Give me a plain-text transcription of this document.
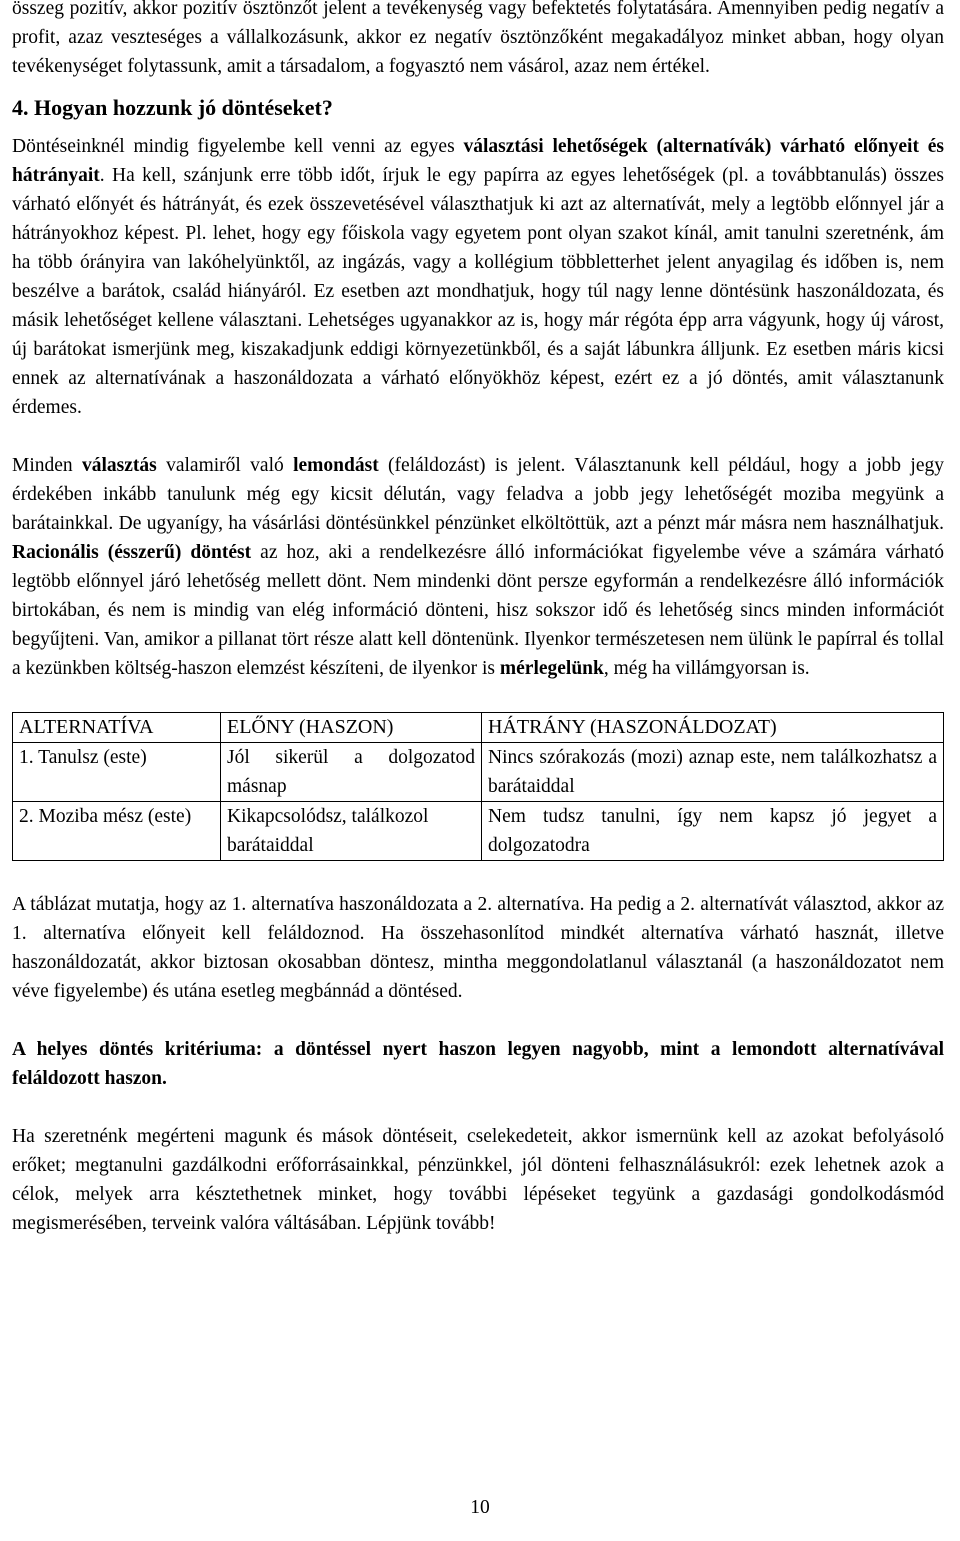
összeg pozitív, akkor pozitív ösztönzőt jelent a tevékenység vagy befektetés folytatására. Amennyiben pedig negatív a profit, azaz veszteséges a vállalkozásunk, akkor ez negatív ösztönzőként megakadályoz minket abban, hogy olyan tevékenységet folytassunk, amit a társadalom, a fogyasztó nem vásárol, azaz nem értékel.

4. Hogyan hozzunk jó döntéseket?

Döntéseinknél mindig figyelembe kell venni az egyes választási lehetőségek (alternatívák) várható előnyeit és hátrányait. Ha kell, szánjunk erre több időt, írjuk le egy papírra az egyes lehetőségek (pl. a továbbtanulás) összes várható előnyét és hátrányát, és ezek összevetésével választhatjuk ki azt az alternatívát, mely a legtöbb előnnyel jár a hátrányokhoz képest. Pl. lehet, hogy egy főiskola vagy egyetem pont olyan szakot kínál, amit tanulni szeretnénk, ám ha több órányira van lakóhelyünktől, az ingázás, vagy a kollégium többletterhet jelent anyagilag és időben is, nem beszélve a barátok, család hiányáról. Ez esetben azt mondhatjuk, hogy túl nagy lenne döntésünk haszonáldozata, és másik lehetőséget kellene választani. Lehetséges ugyanakkor az is, hogy már régóta épp arra vágyunk, hogy új várost, új barátokat ismerjünk meg, kiszakadjunk eddigi környezetünkből, és a saját lábunkra álljunk. Ez esetben máris kicsi ennek az alternatívának a haszonáldozata a várható előnyökhöz képest, ezért ez a jó döntés, amit választanunk érdemes.

Minden választás valamiről való lemondást (feláldozást) is jelent. Választanunk kell például, hogy a jobb jegy érdekében inkább tanulunk még egy kicsit délután, vagy feladva a jobb jegy lehetőségét moziba megyünk a barátainkkal. De ugyanígy, ha vásárlási döntésünkkel pénzünket elköltöttük, azt a pénzt már másra nem használhatjuk. Racionális (ésszerű) döntést az hoz, aki a rendelkezésre álló információkat figyelembe véve a számára várható legtöbb előnnyel járó lehetőség mellett dönt. Nem mindenki dönt persze egyformán a rendelkezésre álló információk birtokában, és nem is mindig van elég információ dönteni, hisz sokszor idő és lehetőség sincs minden információt begyűjteni. Van, amikor a pillanat tört része alatt kell döntenünk. Ilyenkor természetesen nem ülünk le papírral és tollal a kezünkben költség-haszon elemzést készíteni, de ilyenkor is mérlegelünk, még ha villámgyorsan is.

ALTERNATÍVA	ELŐNY (HASZON)	HÁTRÁNY (HASZONÁLDOZAT)
1. Tanulsz (este)	Jól sikerül a dolgozatod másnap	Nincs szórakozás (mozi) aznap este, nem találkozhatsz a barátaiddal
2. Moziba mész (este)	Kikapcsolódsz, találkozol barátaiddal	Nem tudsz tanulni, így nem kapsz jó jegyet a dolgozatodra

A táblázat mutatja, hogy az 1. alternatíva haszonáldozata a 2. alternatíva. Ha pedig a 2. alternatívát választod, akkor az 1. alternatíva előnyeit kell feláldoznod. Ha összehasonlítod mindkét alternatíva várható hasznát, illetve haszonáldozatát, akkor biztosan okosabban döntesz, mintha meggondolatlanul választanál (a haszonáldozatot nem véve figyelembe) és utána esetleg megbánnád a döntésed.

A helyes döntés kritériuma: a döntéssel nyert haszon legyen nagyobb, mint a lemondott alternatívával feláldozott haszon.

Ha szeretnénk megérteni magunk és mások döntéseit, cselekedeteit, akkor ismernünk kell az azokat befolyásoló erőket; megtanulni gazdálkodni erőforrásainkkal, pénzünkkel, jól dönteni felhasználásukról: ezek lehetnek azok a célok, melyek arra késztethetnek minket, hogy további lépéseket tegyünk a gazdasági gondolkodásmód megismerésében, terveink valóra váltásában. Lépjünk tovább!

10
